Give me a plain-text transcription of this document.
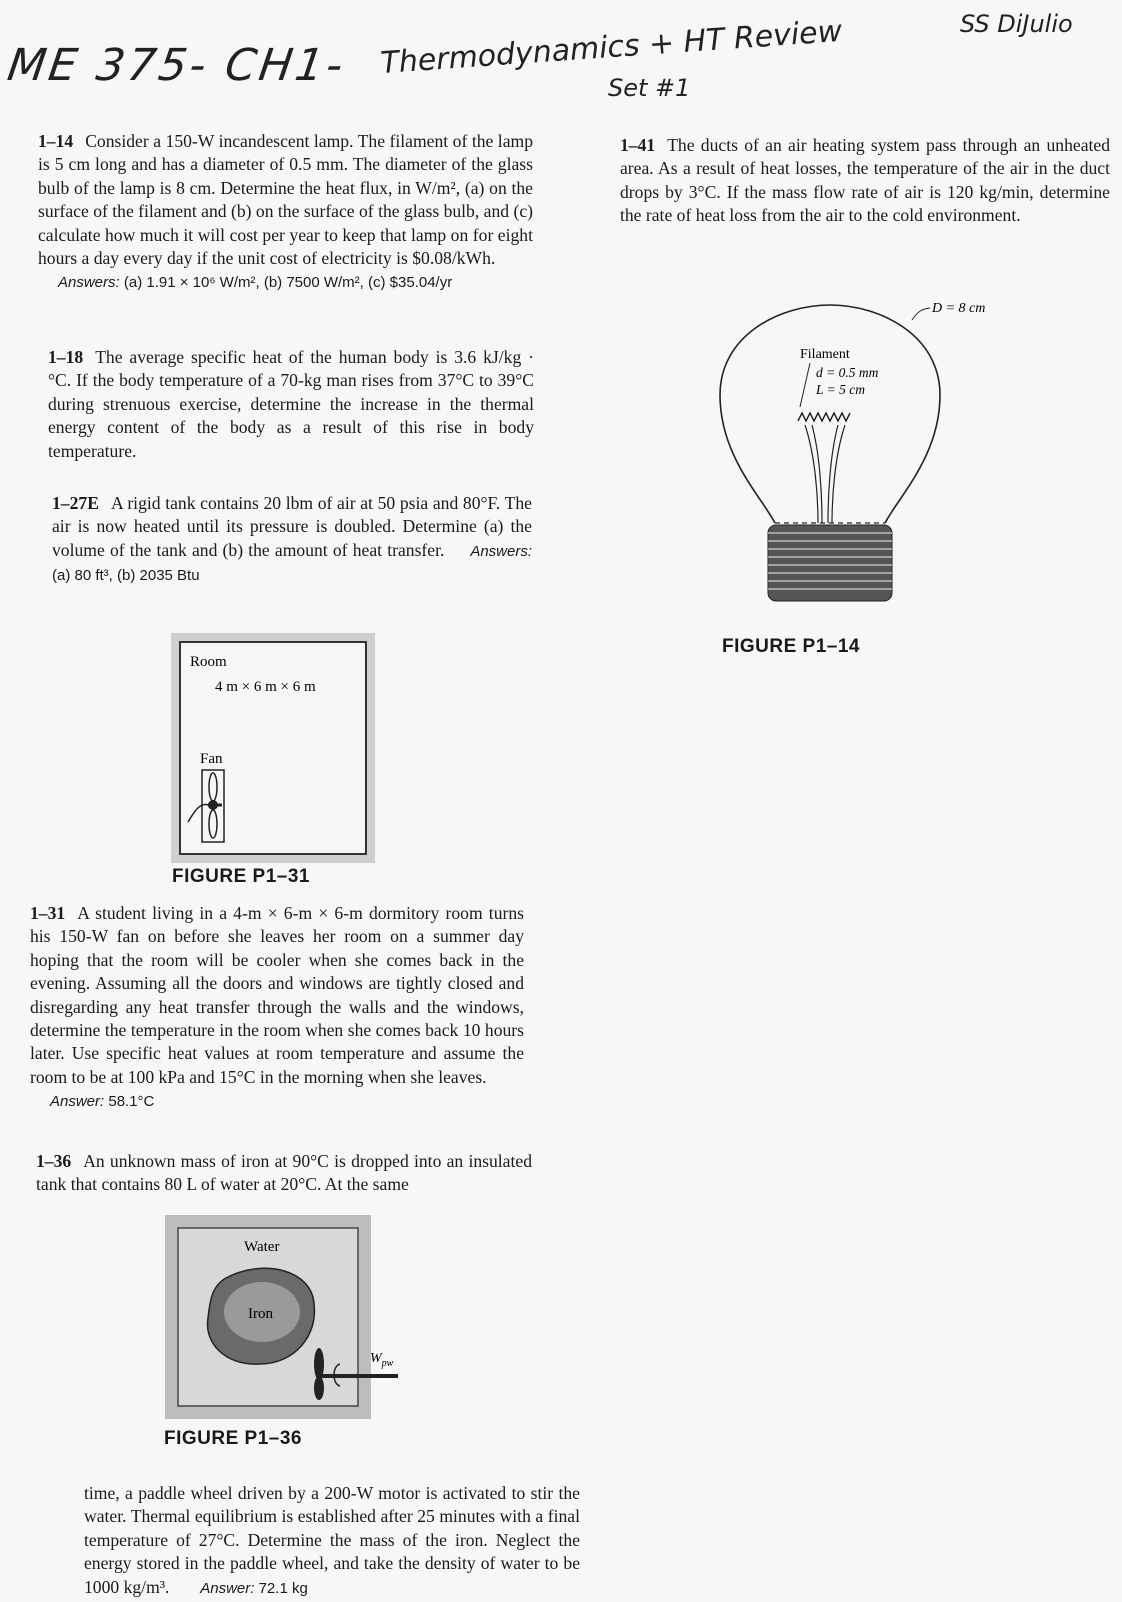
ME 375- CH1- Thermodynamics + HT Review
Set #1
SS DiJulio
1–14 Consider a 150-W incandescent lamp. The filament of the lamp is 5 cm long and has a diameter of 0.5 mm. The diameter of the glass bulb of the lamp is 8 cm. Determine the heat flux, in W/m², (a) on the surface of the filament and (b) on the surface of the glass bulb, and (c) calculate how much it will cost per year to keep that lamp on for eight hours a day every day if the unit cost of electricity is $0.08/kWh.
Answers: (a) 1.91 × 10⁶ W/m², (b) 7500 W/m², (c) $35.04/yr
1–18 The average specific heat of the human body is 3.6 kJ/kg · °C. If the body temperature of a 70-kg man rises from 37°C to 39°C during strenuous exercise, determine the increase in the thermal energy content of the body as a result of this rise in body temperature.
1–27E A rigid tank contains 20 lbm of air at 50 psia and 80°F. The air is now heated until its pressure is doubled. Determine (a) the volume of the tank and (b) the amount of heat transfer. Answers: (a) 80 ft³, (b) 2035 Btu
Room
4 m × 6 m × 6 m
Fan
FIGURE P1–31
1–31 A student living in a 4-m × 6-m × 6-m dormitory room turns his 150-W fan on before she leaves her room on a summer day hoping that the room will be cooler when she comes back in the evening. Assuming all the doors and windows are tightly closed and disregarding any heat transfer through the walls and the windows, determine the temperature in the room when she comes back 10 hours later. Use specific heat values at room temperature and assume the room to be at 100 kPa and 15°C in the morning when she leaves.
Answer: 58.1°C
1–36 An unknown mass of iron at 90°C is dropped into an insulated tank that contains 80 L of water at 20°C. At the same
Water
Iron
$W_{pw}$
FIGURE P1–36
time, a paddle wheel driven by a 200-W motor is activated to stir the water. Thermal equilibrium is established after 25 minutes with a final temperature of 27°C. Determine the mass of the iron. Neglect the energy stored in the paddle wheel, and take the density of water to be 1000 kg/m³. Answer: 72.1 kg
1–41 The ducts of an air heating system pass through an unheated area. As a result of heat losses, the temperature of the air in the duct drops by 3°C. If the mass flow rate of air is 120 kg/min, determine the rate of heat loss from the air to the cold environment.
Filament
d = 0.5 mm
L = 5 cm
D = 8 cm
FIGURE P1–14
